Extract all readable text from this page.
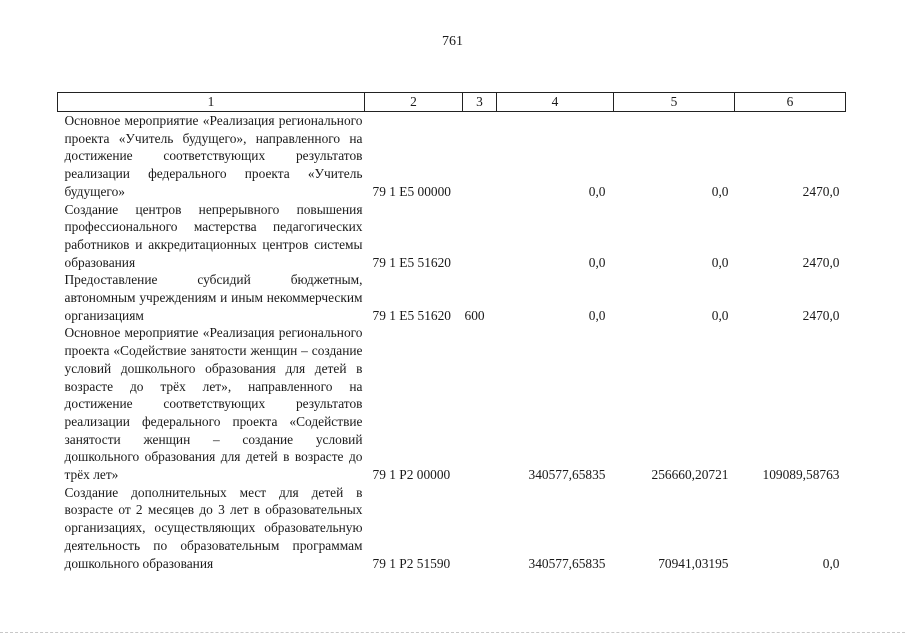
761
1	2	3	4	5	6
Основное мероприятие «Реализация регионального проекта «Учитель будущего», направленного на достижение соответствующих результатов реализации федерального проекта «Учитель будущего»	79 1 E5 00000		0,0	0,0	2470,0
Создание центров непрерывного повышения профессионального мастерства педагогических работников и аккредитационных центров системы образования	79 1 E5 51620		0,0	0,0	2470,0
Предоставление субсидий бюджетным, автономным учреждениям и иным некоммерческим организациям	79 1 E5 51620	600	0,0	0,0	2470,0
Основное мероприятие «Реализация регионального проекта «Содействие занятости женщин – создание условий дошкольного образования для детей в возрасте до трёх лет», направленного на достижение соответствующих результатов реализации федерального проекта «Содействие занятости женщин – создание условий дошкольного образования для детей в возрасте до трёх лет»	79 1 P2 00000		340577,65835	256660,20721	109089,58763
Создание дополнительных мест для детей в возрасте от 2 месяцев до 3 лет в образовательных организациях, осуществляющих образовательную деятельность по образовательным программам дошкольного образования	79 1 P2 51590		340577,65835	70941,03195	0,0
